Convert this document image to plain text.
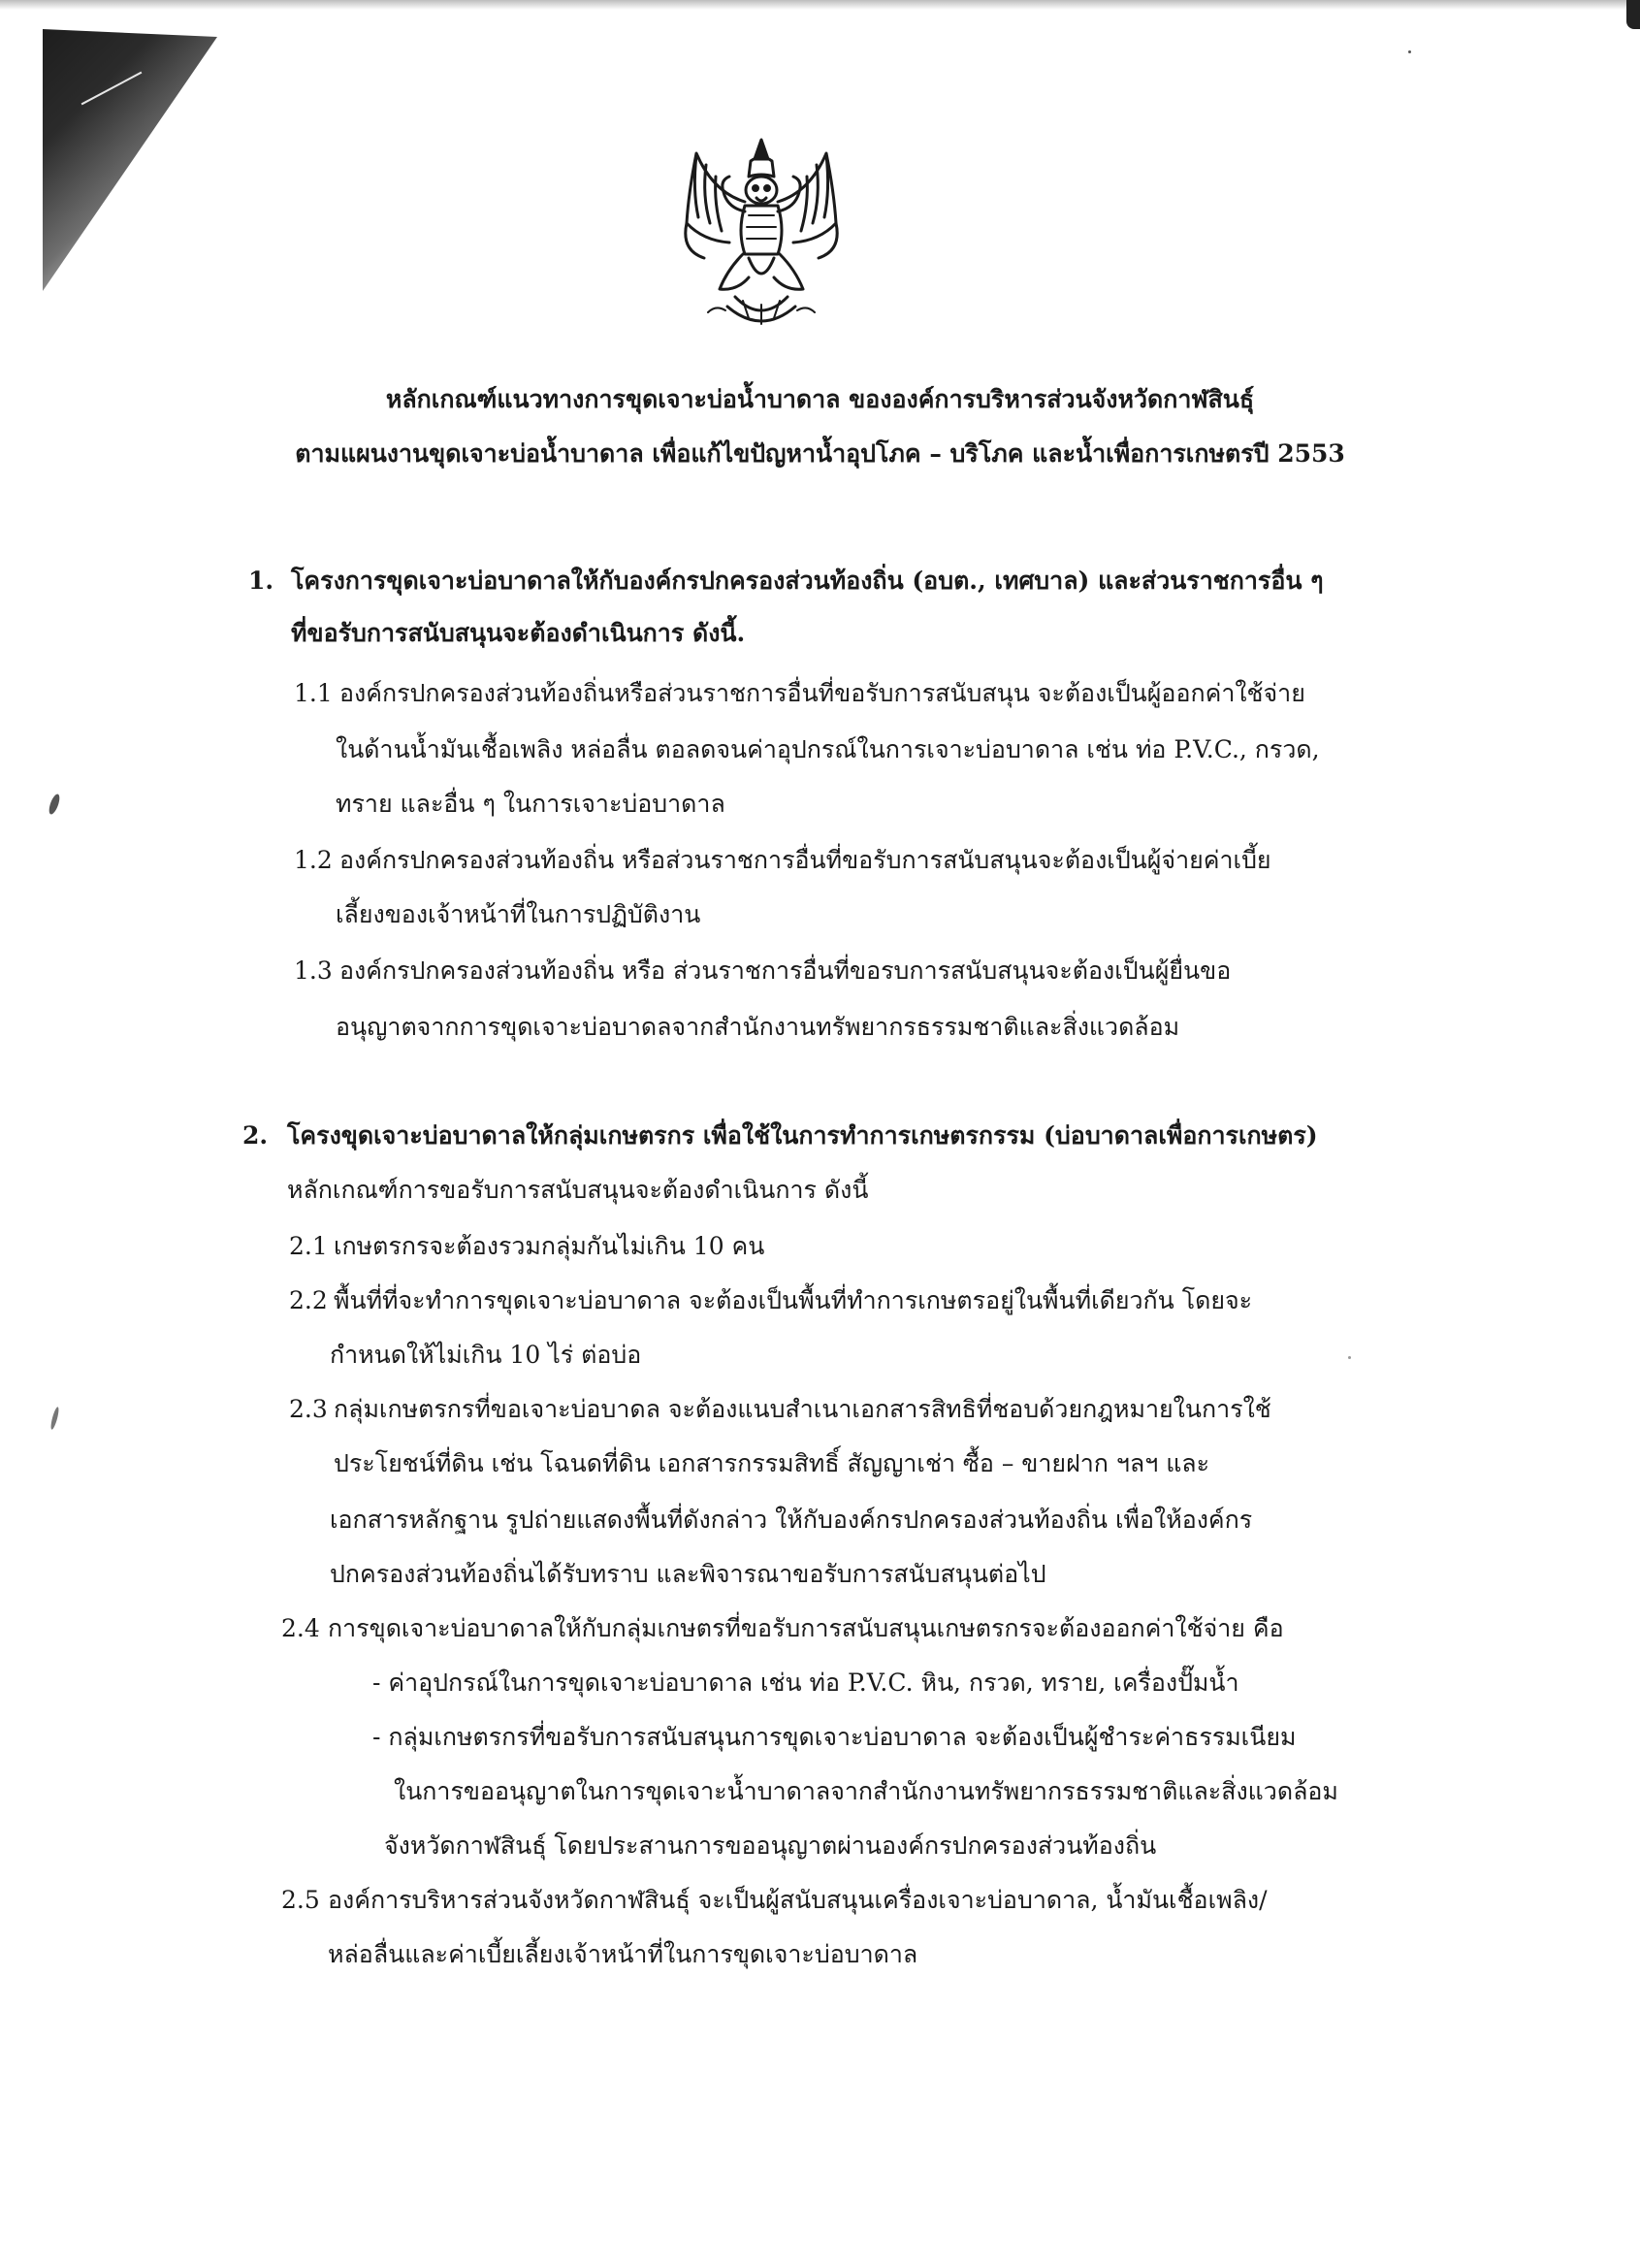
หลักเกณฑ์แนวทางการขุดเจาะบ่อน้ำบาดาล ขององค์การบริหารส่วนจังหวัดกาฬสินธุ์
ตามแผนงานขุดเจาะบ่อน้ำบาดาล เพื่อแก้ไขปัญหาน้ำอุปโภค – บริโภค และน้ำเพื่อการเกษตรปี 2553
1. โครงการขุดเจาะบ่อบาดาลให้กับองค์กรปกครองส่วนท้องถิ่น (อบต., เทศบาล) และส่วนราชการอื่น ๆ
ที่ขอรับการสนับสนุนจะต้องดำเนินการ ดังนี้.
1.1 องค์กรปกครองส่วนท้องถิ่นหรือส่วนราชการอื่นที่ขอรับการสนับสนุน จะต้องเป็นผู้ออกค่าใช้จ่าย
ในด้านน้ำมันเชื้อเพลิง หล่อลื่น ตอลดจนค่าอุปกรณ์ในการเจาะบ่อบาดาล เช่น ท่อ P.V.C., กรวด,
ทราย และอื่น ๆ ในการเจาะบ่อบาดาล
1.2 องค์กรปกครองส่วนท้องถิ่น หรือส่วนราชการอื่นที่ขอรับการสนับสนุนจะต้องเป็นผู้จ่ายค่าเบี้ย
เลี้ยงของเจ้าหน้าที่ในการปฏิบัติงาน
1.3 องค์กรปกครองส่วนท้องถิ่น หรือ ส่วนราชการอื่นที่ขอรบการสนับสนุนจะต้องเป็นผู้ยื่นขอ
อนุญาตจากการขุดเจาะบ่อบาดลจากสำนักงานทรัพยากรธรรมชาติและสิ่งแวดล้อม
2. โครงขุดเจาะบ่อบาดาลให้กลุ่มเกษตรกร เพื่อใช้ในการทำการเกษตรกรรม (บ่อบาดาลเพื่อการเกษตร)
หลักเกณฑ์การขอรับการสนับสนุนจะต้องดำเนินการ ดังนี้
2.1 เกษตรกรจะต้องรวมกลุ่มกันไม่เกิน 10 คน
2.2 พื้นที่ที่จะทำการขุดเจาะบ่อบาดาล จะต้องเป็นพื้นที่ทำการเกษตรอยู่ในพื้นที่เดียวกัน โดยจะ
กำหนดให้ไม่เกิน 10 ไร่ ต่อบ่อ
2.3 กลุ่มเกษตรกรที่ขอเจาะบ่อบาดล จะต้องแนบสำเนาเอกสารสิทธิที่ชอบด้วยกฎหมายในการใช้
ประโยชน์ที่ดิน เช่น โฉนดที่ดิน เอกสารกรรมสิทธิ์ สัญญาเช่า ซื้อ – ขายฝาก ฯลฯ และ
เอกสารหลักฐาน รูปถ่ายแสดงพื้นที่ดังกล่าว ให้กับองค์กรปกครองส่วนท้องถิ่น เพื่อให้องค์กร
ปกครองส่วนท้องถิ่นได้รับทราบ และพิจารณาขอรับการสนับสนุนต่อไป
2.4 การขุดเจาะบ่อบาดาลให้กับกลุ่มเกษตรที่ขอรับการสนับสนุนเกษตรกรจะต้องออกค่าใช้จ่าย คือ
- ค่าอุปกรณ์ในการขุดเจาะบ่อบาดาล เช่น ท่อ P.V.C. หิน, กรวด, ทราย, เครื่องปั๊มน้ำ
- กลุ่มเกษตรกรที่ขอรับการสนับสนุนการขุดเจาะบ่อบาดาล จะต้องเป็นผู้ชำระค่าธรรมเนียม
ในการขออนุญาตในการขุดเจาะน้ำบาดาลจากสำนักงานทรัพยากรธรรมชาติและสิ่งแวดล้อม
จังหวัดกาฬสินธุ์ โดยประสานการขออนุญาตผ่านองค์กรปกครองส่วนท้องถิ่น
2.5 องค์การบริหารส่วนจังหวัดกาฬสินธุ์ จะเป็นผู้สนับสนุนเครื่องเจาะบ่อบาดาล, น้ำมันเชื้อเพลิง/
หล่อลื่นและค่าเบี้ยเลี้ยงเจ้าหน้าที่ในการขุดเจาะบ่อบาดาล
